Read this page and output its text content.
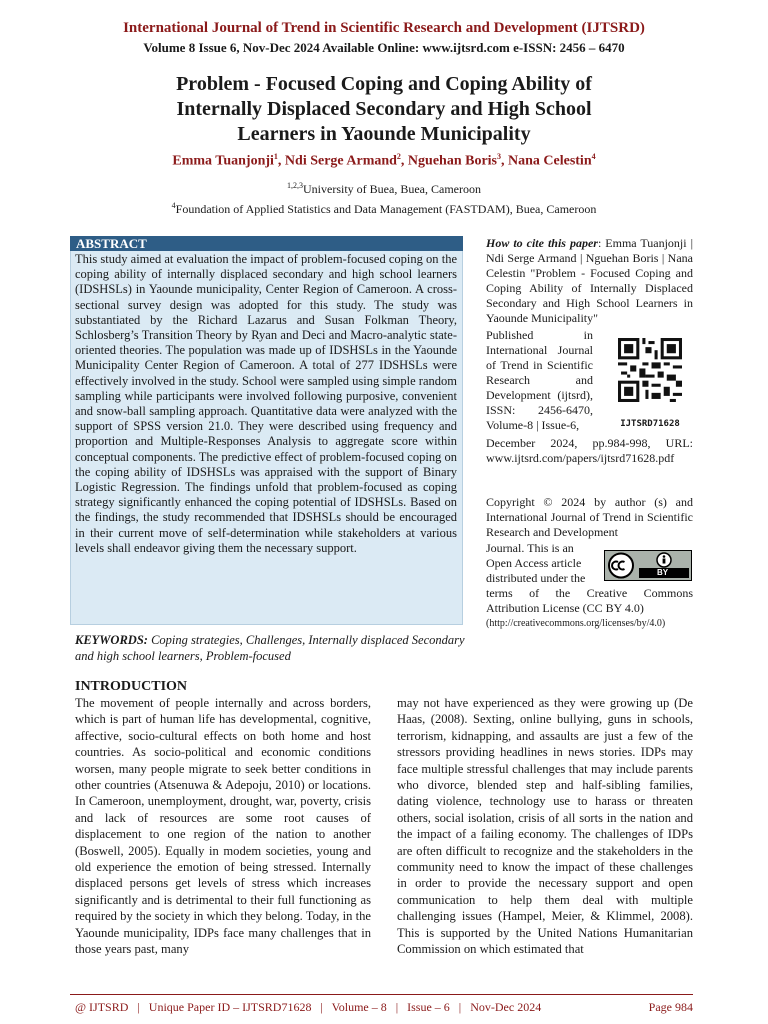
International Journal of Trend in Scientific Research and Development (IJTSRD)
Volume 8 Issue 6, Nov-Dec 2024 Available Online: www.ijtsrd.com e-ISSN: 2456 – 6470
Problem - Focused Coping and Coping Ability of
Internally Displaced Secondary and High School
Learners in Yaounde Municipality
Emma Tuanjonji$^1$, Ndi Serge Armand$^2$, Nguehan Boris$^3$, Nana Celestin$^4$
$^{1,2,3}$University of Buea, Buea, Cameroon
$^4$Foundation of Applied Statistics and Data Management (FASTDAM), Buea, Cameroon
ABSTRACT
This study aimed at evaluation the impact of problem-focused coping on the coping ability of internally displaced secondary and high school learners (IDSHSLs) in Yaounde municipality, Center Region of Cameroon. A cross-sectional survey design was adopted for this study. The study was substantiated by the Richard Lazarus and Susan Folkman Theory, Schlosberg’s Transition Theory by Ryan and Deci and Macro-analytic state-oriented theories. The population was made up of IDSHSLs in the Yaounde Municipality Center Region of Cameroon. A total of 277 IDSHSLs were effectively involved in the study. School were sampled using simple random sampling while participants were involved following purposive, convenient and snow-ball sampling approach. Quantitative data were analyzed with the support of SPSS version 21.0. They were described using frequency and proportion and Multiple-Responses Analysis to aggregate score within conceptual components. The predictive effect of problem-focused coping on the coping ability of IDSHSLs was appraised with the support of Binary Logistic Regression. The findings unfold that problem-focused as coping strategy significantly enhanced the coping potential of IDSHSLs. Based on the findings, the study recommended that IDSHSLs should be encouraged in their current move of self-determination while stakeholders at various levels shall endeavor giving them the necessary support.
KEYWORDS: Coping strategies, Challenges, Internally displaced Secondary and high school learners, Problem-focused
How to cite this paper: Emma Tuanjonji | Ndi Serge Armand | Nguehan Boris | Nana Celestin "Problem - Focused Coping and Coping Ability of Internally Displaced Secondary and High School Learners in Yaounde Municipality"
Published in International Journal of Trend in Scientific Research and Development (ijtsrd), ISSN: 2456-6470, Volume-8 | Issue-6,
December 2024, pp.984-998, URL: www.ijtsrd.com/papers/ijtsrd71628.pdf
IJTSRD71628
Copyright © 2024 by author (s) and International Journal of Trend in Scientific Research and Development
Journal. This is an Open Access article distributed under the	BY
terms of the Creative Commons Attribution License (CC BY 4.0)
(http://creativecommons.org/licenses/by/4.0)
INTRODUCTION
The movement of people internally and across borders, which is part of human life has developmental, cognitive, affective, socio-cultural effects on both home and host countries. As socio-political and economic conditions worsen, many people migrate to seek better conditions in other countries (Atsenuwa & Adepoju, 2010) or locations. In Cameroon, unemployment, drought, war, poverty, crisis and lack of resources are some root causes of displacement to one region of the nation to another (Boswell, 2005). Equally in modem societies, young and old experience the emotion of being stressed. Internally displaced persons get levels of stress which increases significantly and is detrimental to their full functioning as required by the society in which they belong. Today, in the Yaounde municipality, IDPs face many challenges that in those years past, many
may not have experienced as they were growing up (De Haas, (2008). Sexting, online bullying, guns in schools, terrorism, kidnapping, and assaults are just a few of the stressors providing headlines in news stories. IDPs may face multiple stressful challenges that may include parents who divorce, blended step and half-sibling families, dating violence, technology use to harass or threaten others, social isolation, crisis of all sorts in the nation and the impact of a failing economy. The challenges of IDPs are often difficult to recognize and the stakeholders in the community need to know the impact of these challenges in order to provide the necessary support and open communication to help them deal with multiple challenging issues (Hampel, Meier, & Klimmel, 2008). This is supported by the United Nations Humanitarian Commission on which estimated that
@ IJTSRD   |   Unique Paper ID – IJTSRD71628   |   Volume – 8   |   Issue – 6   |   Nov-Dec 2024	Page 984
